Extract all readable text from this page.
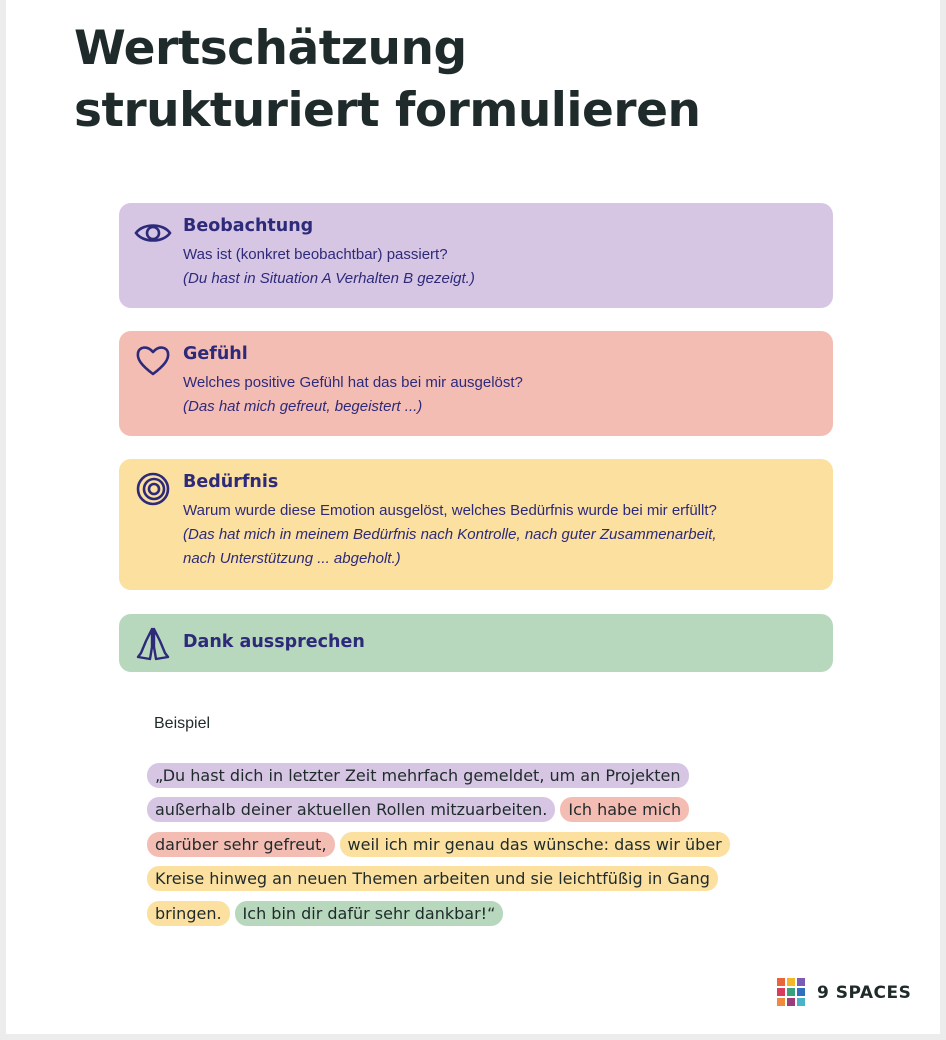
Wertschätzung
strukturiert formulieren
Beobachtung
Was ist (konkret beobachtbar) passiert?
(Du hast in Situation A Verhalten B gezeigt.)
Gefühl
Welches positive Gefühl hat das bei mir ausgelöst?
(Das hat mich gefreut, begeistert ...)
Bedürfnis
Warum wurde diese Emotion ausgelöst, welches Bedürfnis wurde bei mir erfüllt?
(Das hat mich in meinem Bedürfnis nach Kontrolle, nach guter Zusammenarbeit,
nach Unterstützung ... abgeholt.)
Dank aussprechen
Beispiel
„Du hast dich in letzter Zeit mehrfach gemeldet, um an Projekten
außerhalb deiner aktuellen Rollen mitzuarbeiten.	Ich habe mich
darüber sehr gefreut,	weil ich mir genau das wünsche: dass wir über
Kreise hinweg an neuen Themen arbeiten und sie leichtfüßig in Gang
bringen.	Ich bin dir dafür sehr dankbar!“
9 SPACES
